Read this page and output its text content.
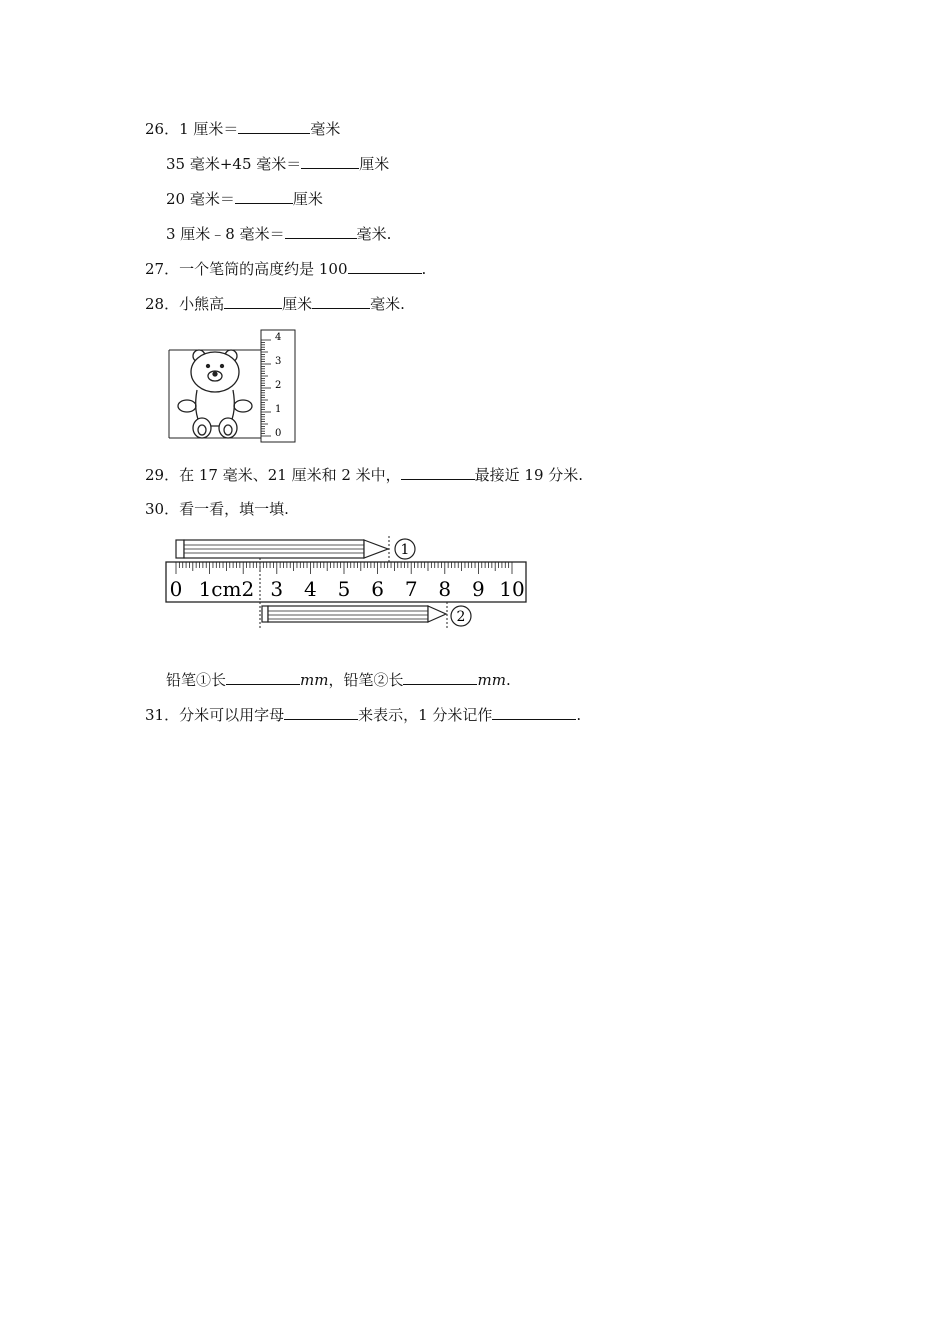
26．1 厘米＝	毫米
35 毫米+45 毫米＝	厘米
20 毫米＝	厘米
3 厘米﹣8 毫米＝	毫米.
27．一个笔筒的高度约是 100	.
28．小熊高	厘米	毫米.
4
3
2
1
0
29．在 17 毫米、21 厘米和 2 米中，	最接近 19 分米.
30．看一看，填一填.
1
0 1cm2 3 4 5 6 7 8 9 10
2
铅笔①长	mm，铅笔②长	mm.
31．分米可以用字母	来表示，1 分米记作	.
